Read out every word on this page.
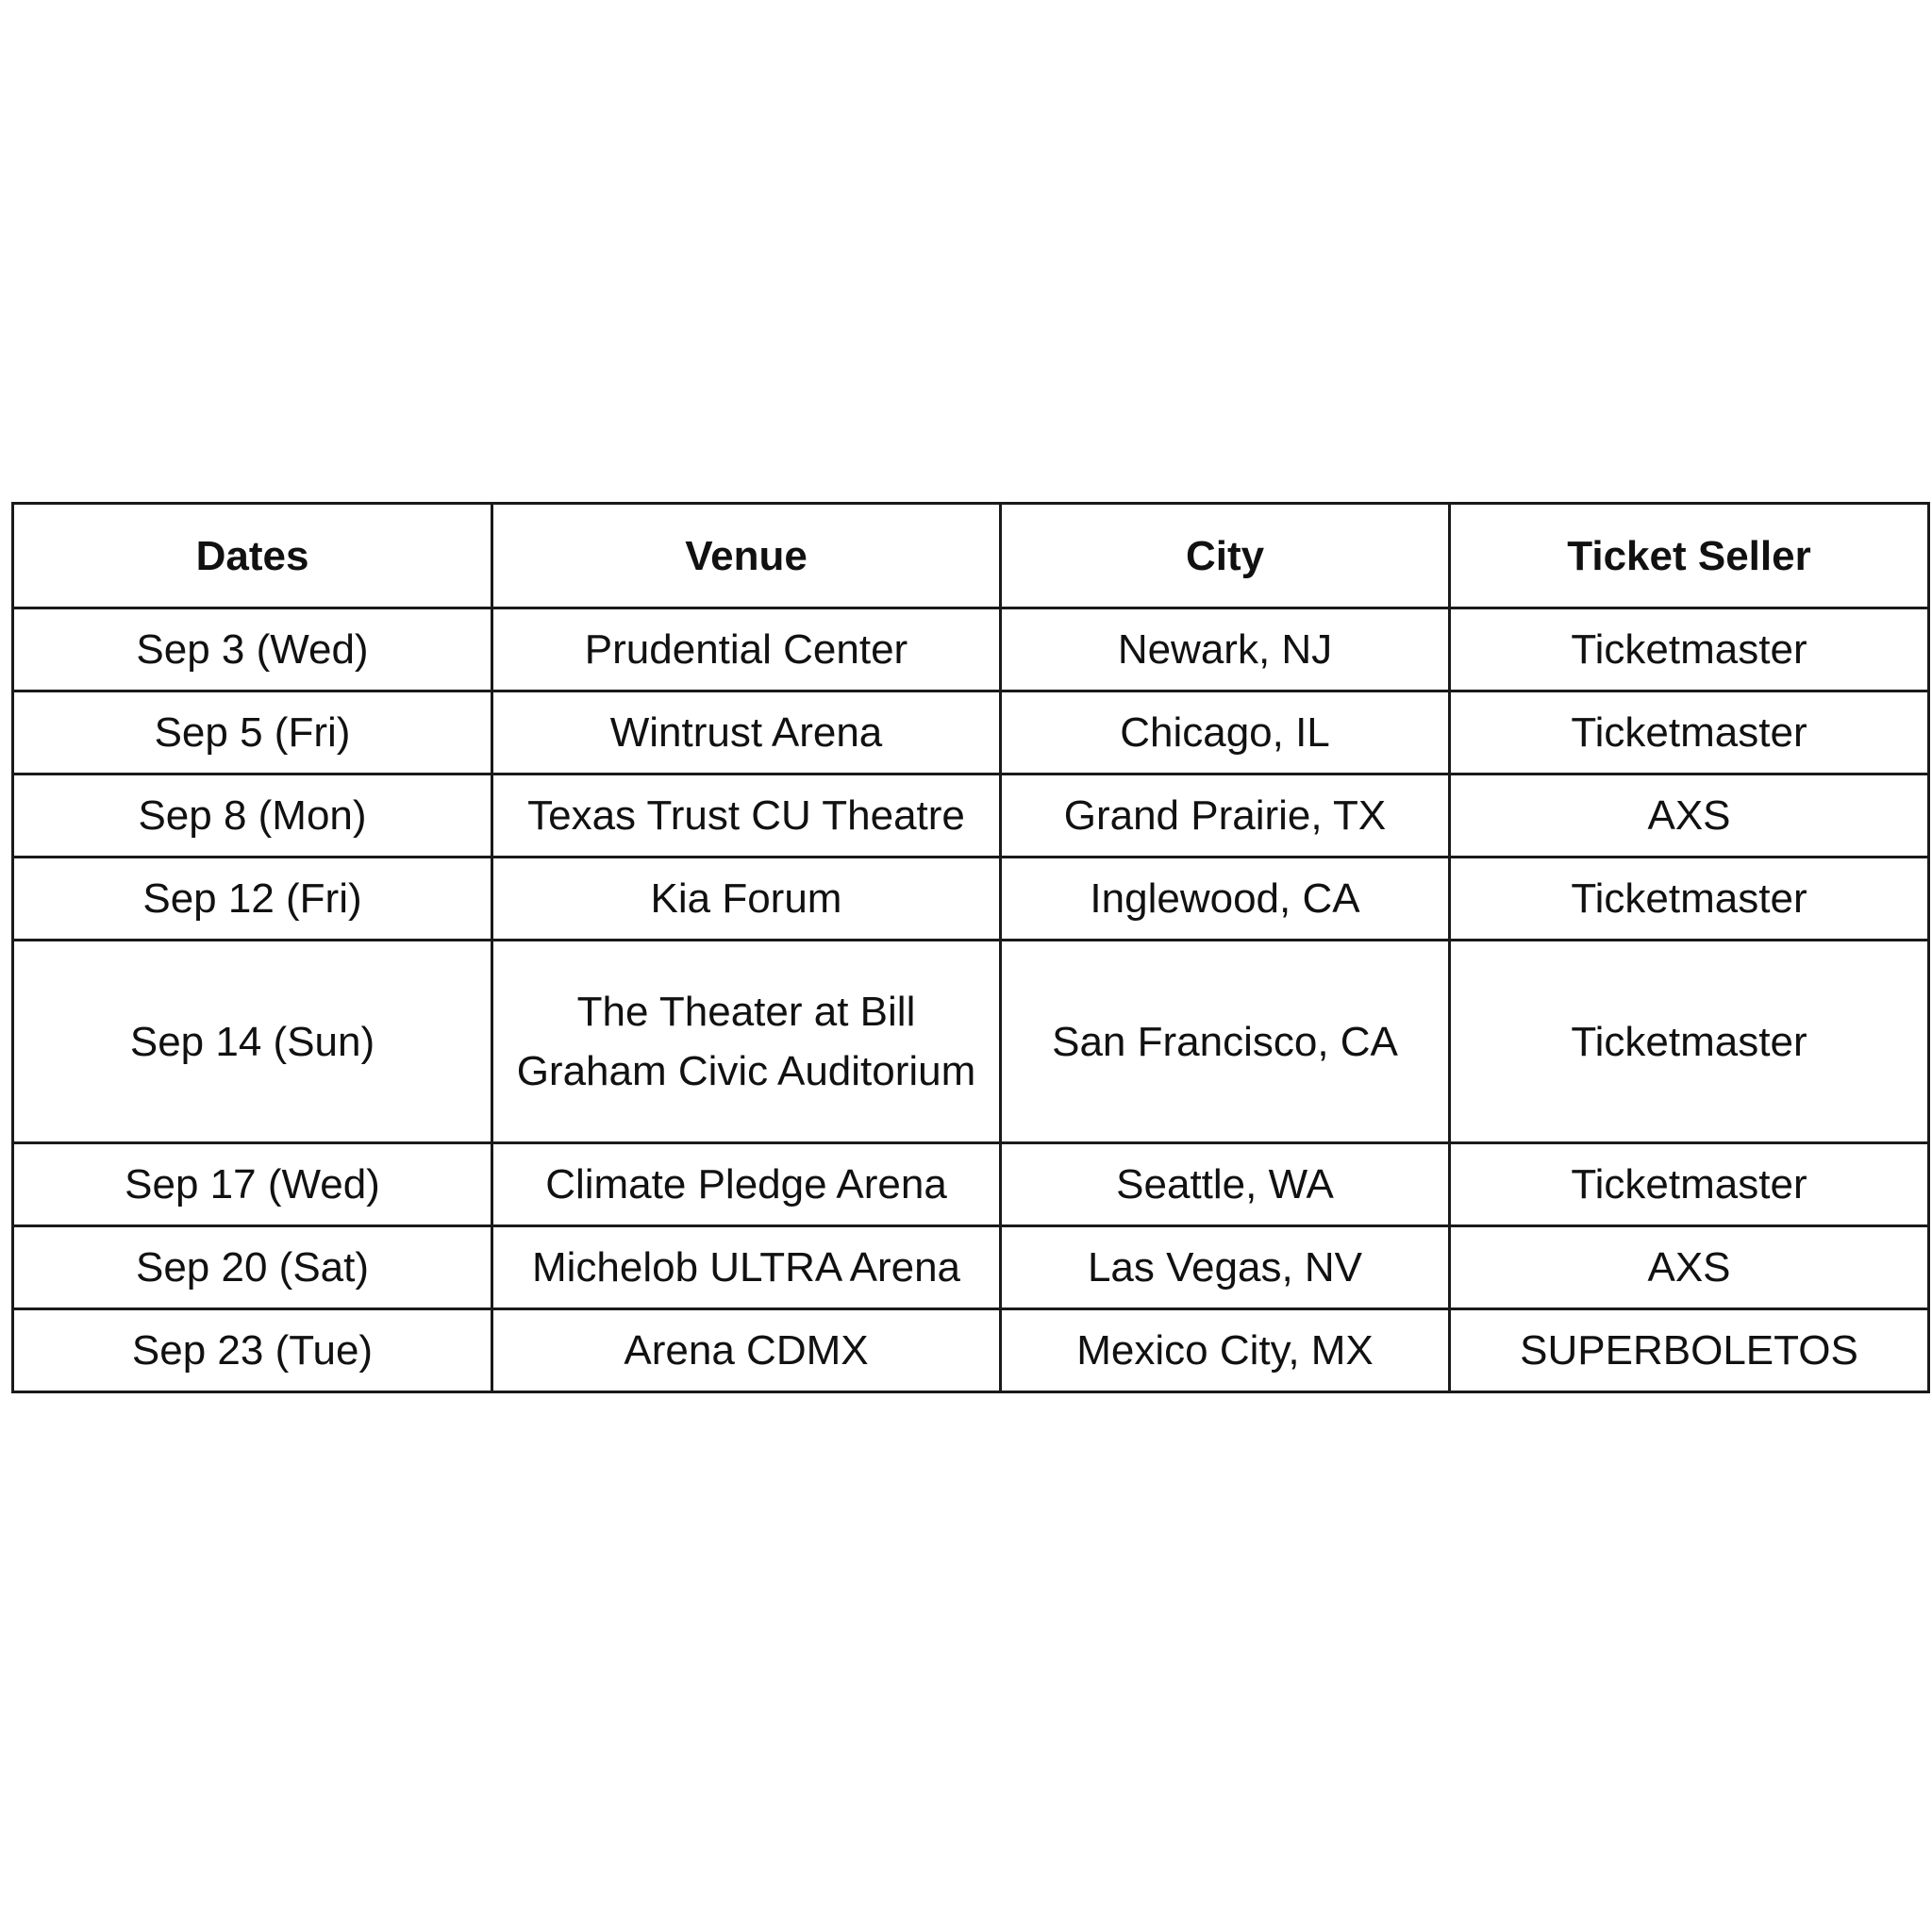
Dates	Venue	City	Ticket Seller
Sep 3 (Wed)	Prudential Center	Newark, NJ	Ticketmaster
Sep 5 (Fri)	Wintrust Arena	Chicago, IL	Ticketmaster
Sep 8 (Mon)	Texas Trust CU Theatre	Grand Prairie, TX	AXS
Sep 12 (Fri)	Kia Forum	Inglewood, CA	Ticketmaster
Sep 14 (Sun)	The Theater at Bill Graham Civic Auditorium	San Francisco, CA	Ticketmaster
Sep 17 (Wed)	Climate Pledge Arena	Seattle, WA	Ticketmaster
Sep 20 (Sat)	Michelob ULTRA Arena	Las Vegas, NV	AXS
Sep 23 (Tue)	Arena CDMX	Mexico City, MX	SUPERBOLETOS
